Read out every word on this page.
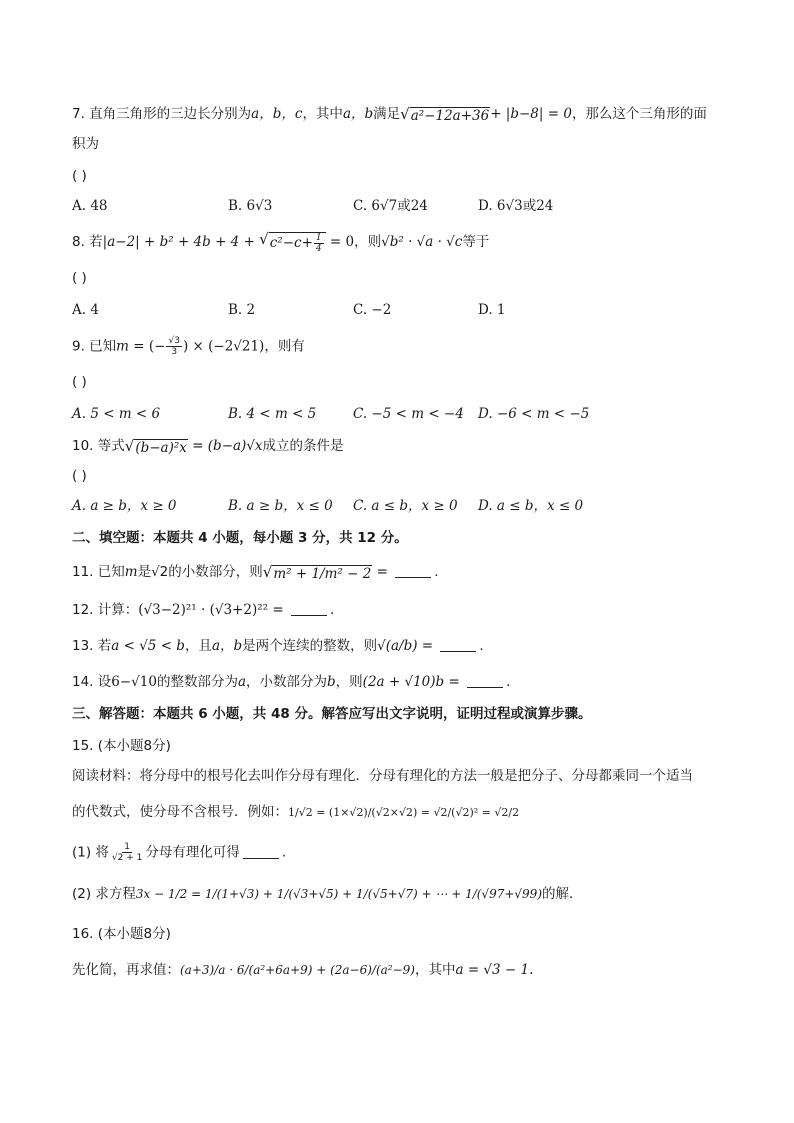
7. 直角三角形的三边长分别为a，b，c，其中a，b满足 √ a²−12a+36 + |b−8| = 0，那么这个三角形的面
积为
( )
A. 48	B. 6√3	C. 6√7或24	D. 6√3或24
8. 若|a−2| + b² + 4b + 4 + √ $c^2-c+ \frac{1}{4} = 0$，则√b² · √a · √c等于
( )
A. 4	B. 2	C. −2	D. 1
9. 已知m = (− $\frac{√3}{3}$ ) × (−2√21)，则有
( )
A. 5 < m < 6	B. 4 < m < 5	C. −5 < m < −4 D. −6 < m < −5
10. 等式 √ (b−a)²x = (b−a)√x成立的条件是
( )
A. a ≥ b，x ≥ 0	B. a ≥ b，x ≤ 0 C. a ≤ b，x ≥ 0 D. a ≤ b，x ≤ 0
二、填空题：本题共 4 小题，每小题 3 分，共 12 分。
11. 已知m是√2的小数部分，则 √ m² + 1/m² − 2 =	.
12. 计算：(√3−2)²¹ · (√3+2)²² =	.
13. 若a < √5 < b，且a，b是两个连续的整数，则√(a/b) =	.
14. 设6−√10的整数部分为a，小数部分为b，则(2a + √10)b =	.
三、解答题：本题共 6 小题，共 48 分。解答应写出文字说明，证明过程或演算步骤。
15. (本小题8分)
阅读材料：将分母中的根号化去叫作分母有理化．分母有理化的方法一般是把分子、分母都乘同一个适当
的代数式，使分母不含根号．例如：1/√2 = (1×√2)/(√2×√2) = √2/(√2)² = √2/2
(1) 将 $\frac{1}{√2 + 1}$ 分母有理化可得	.
(2) 求方程3x − 1/2 = 1/(1+√3) + 1/(√3+√5) + 1/(√5+√7) + ⋯ + 1/(√97+√99)的解．
16. (本小题8分)
先化简，再求值：(a+3)/a · 6/(a²+6a+9) + (2a−6)/(a²−9)，其中a = √3 − 1.
